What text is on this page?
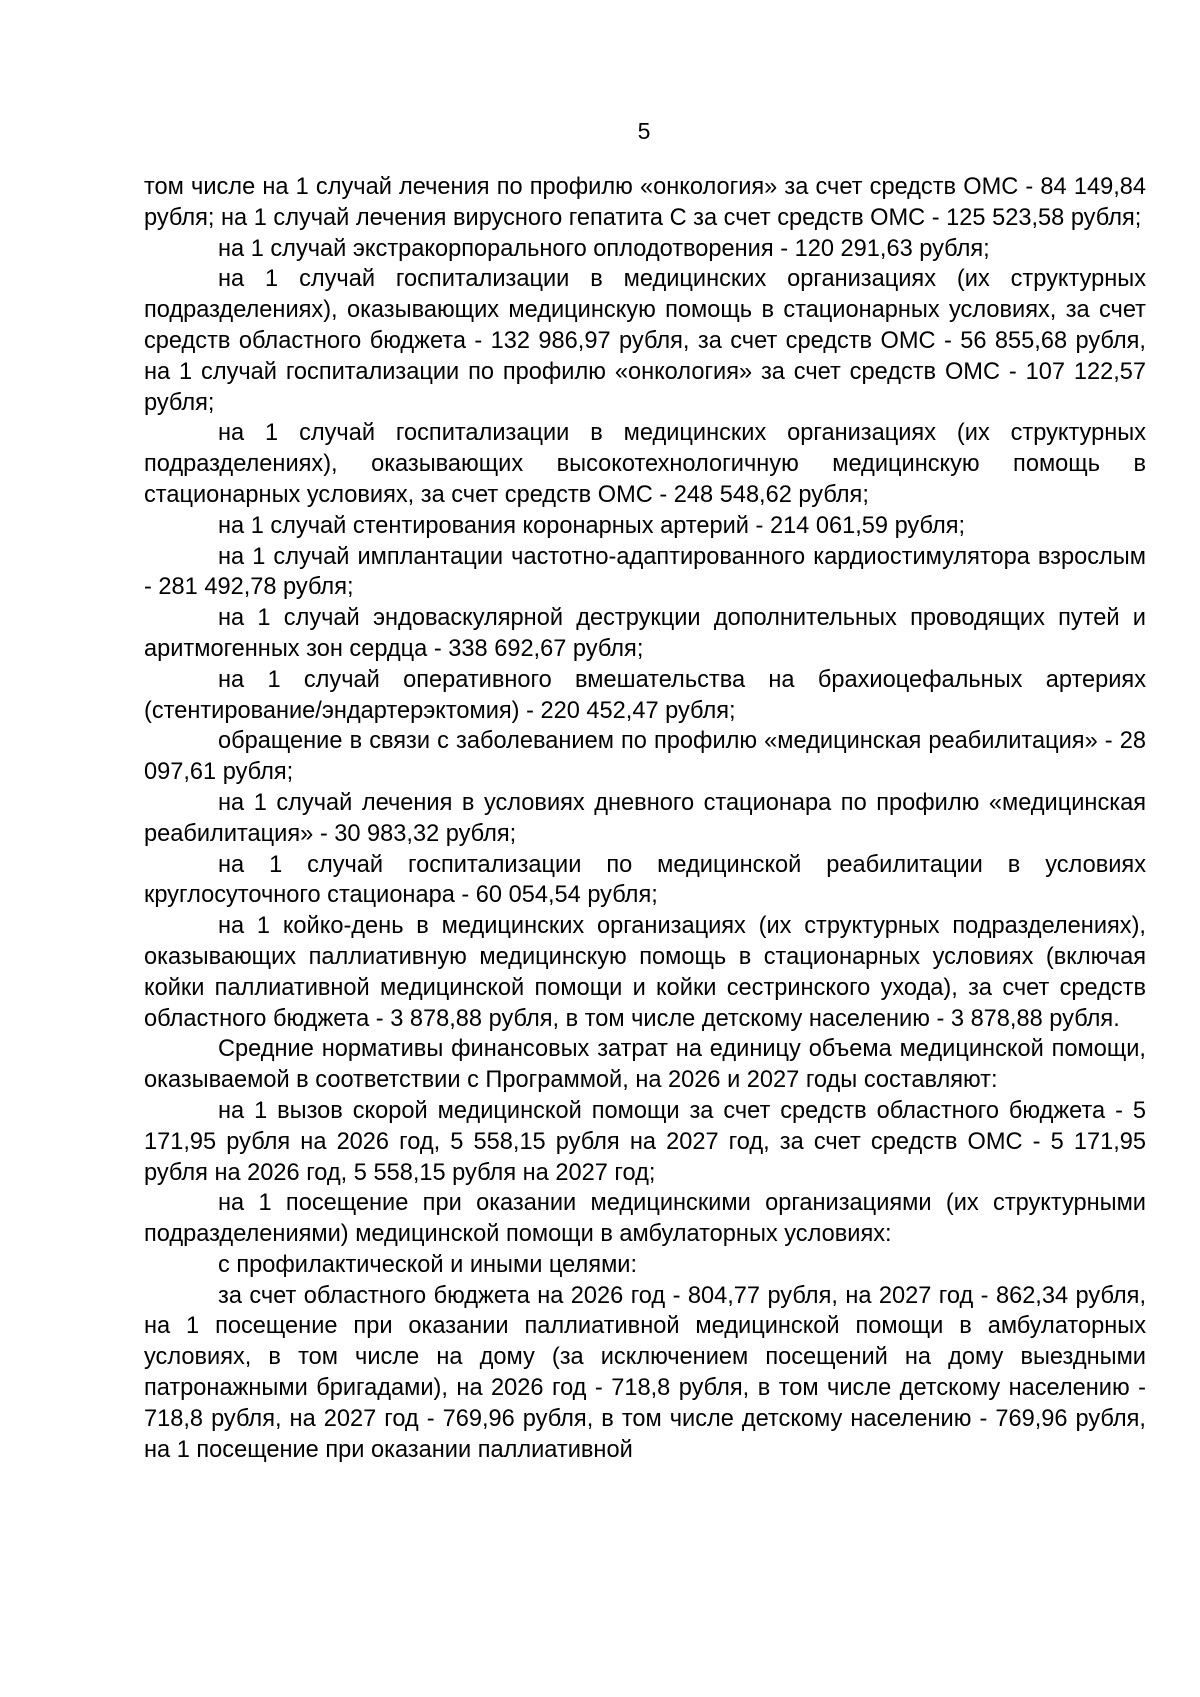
5

том числе на 1 случай лечения по профилю «онкология» за счет средств ОМС - 84 149,84 рубля; на 1 случай лечения вирусного гепатита С за счет средств ОМС - 125 523,58 рубля;

на 1 случай экстракорпорального оплодотворения - 120 291,63 рубля;

на 1 случай госпитализации в медицинских организациях (их структурных подразделениях), оказывающих медицинскую помощь в стационарных условиях, за счет средств областного бюджета - 132 986,97 рубля, за счет средств ОМС - 56 855,68 рубля, на 1 случай госпитализации по профилю «онкология» за счет средств ОМС - 107 122,57 рубля;

на 1 случай госпитализации в медицинских организациях (их структурных подразделениях), оказывающих высокотехнологичную медицинскую помощь в стационарных условиях, за счет средств ОМС - 248 548,62 рубля;

на 1 случай стентирования коронарных артерий - 214 061,59 рубля;

на 1 случай имплантации частотно-адаптированного кардиостимулятора взрослым - 281 492,78 рубля;

на 1 случай эндоваскулярной деструкции дополнительных проводящих путей и аритмогенных зон сердца - 338 692,67 рубля;

на 1 случай оперативного вмешательства на брахиоцефальных артериях (стентирование/эндартерэктомия) - 220 452,47 рубля;

обращение в связи с заболеванием по профилю «медицинская реабилитация» - 28 097,61 рубля;

на 1 случай лечения в условиях дневного стационара по профилю «медицинская реабилитация» - 30 983,32 рубля;

на 1 случай госпитализации по медицинской реабилитации в условиях круглосуточного стационара - 60 054,54 рубля;

на 1 койко-день в медицинских организациях (их структурных подразделениях), оказывающих паллиативную медицинскую помощь в стационарных условиях (включая койки паллиативной медицинской помощи и койки сестринского ухода), за счет средств областного бюджета - 3 878,88 рубля, в том числе детскому населению - 3 878,88 рубля.

Средние нормативы финансовых затрат на единицу объема медицинской помощи, оказываемой в соответствии с Программой, на 2026 и 2027 годы составляют:

на 1 вызов скорой медицинской помощи за счет средств областного бюджета - 5 171,95 рубля на 2026 год, 5 558,15 рубля на 2027 год, за счет средств ОМС - 5 171,95 рубля на 2026 год, 5 558,15 рубля на 2027 год;

на 1 посещение при оказании медицинскими организациями (их структурными подразделениями) медицинской помощи в амбулаторных условиях:

с профилактической и иными целями:

за счет областного бюджета на 2026 год - 804,77 рубля, на 2027 год - 862,34 рубля, на 1 посещение при оказании паллиативной медицинской помощи в амбулаторных условиях, в том числе на дому (за исключением посещений на дому выездными патронажными бригадами), на 2026 год - 718,8 рубля, в том числе детскому населению - 718,8 рубля, на 2027 год - 769,96 рубля, в том числе детскому населению - 769,96 рубля, на 1 посещение при оказании паллиативной
